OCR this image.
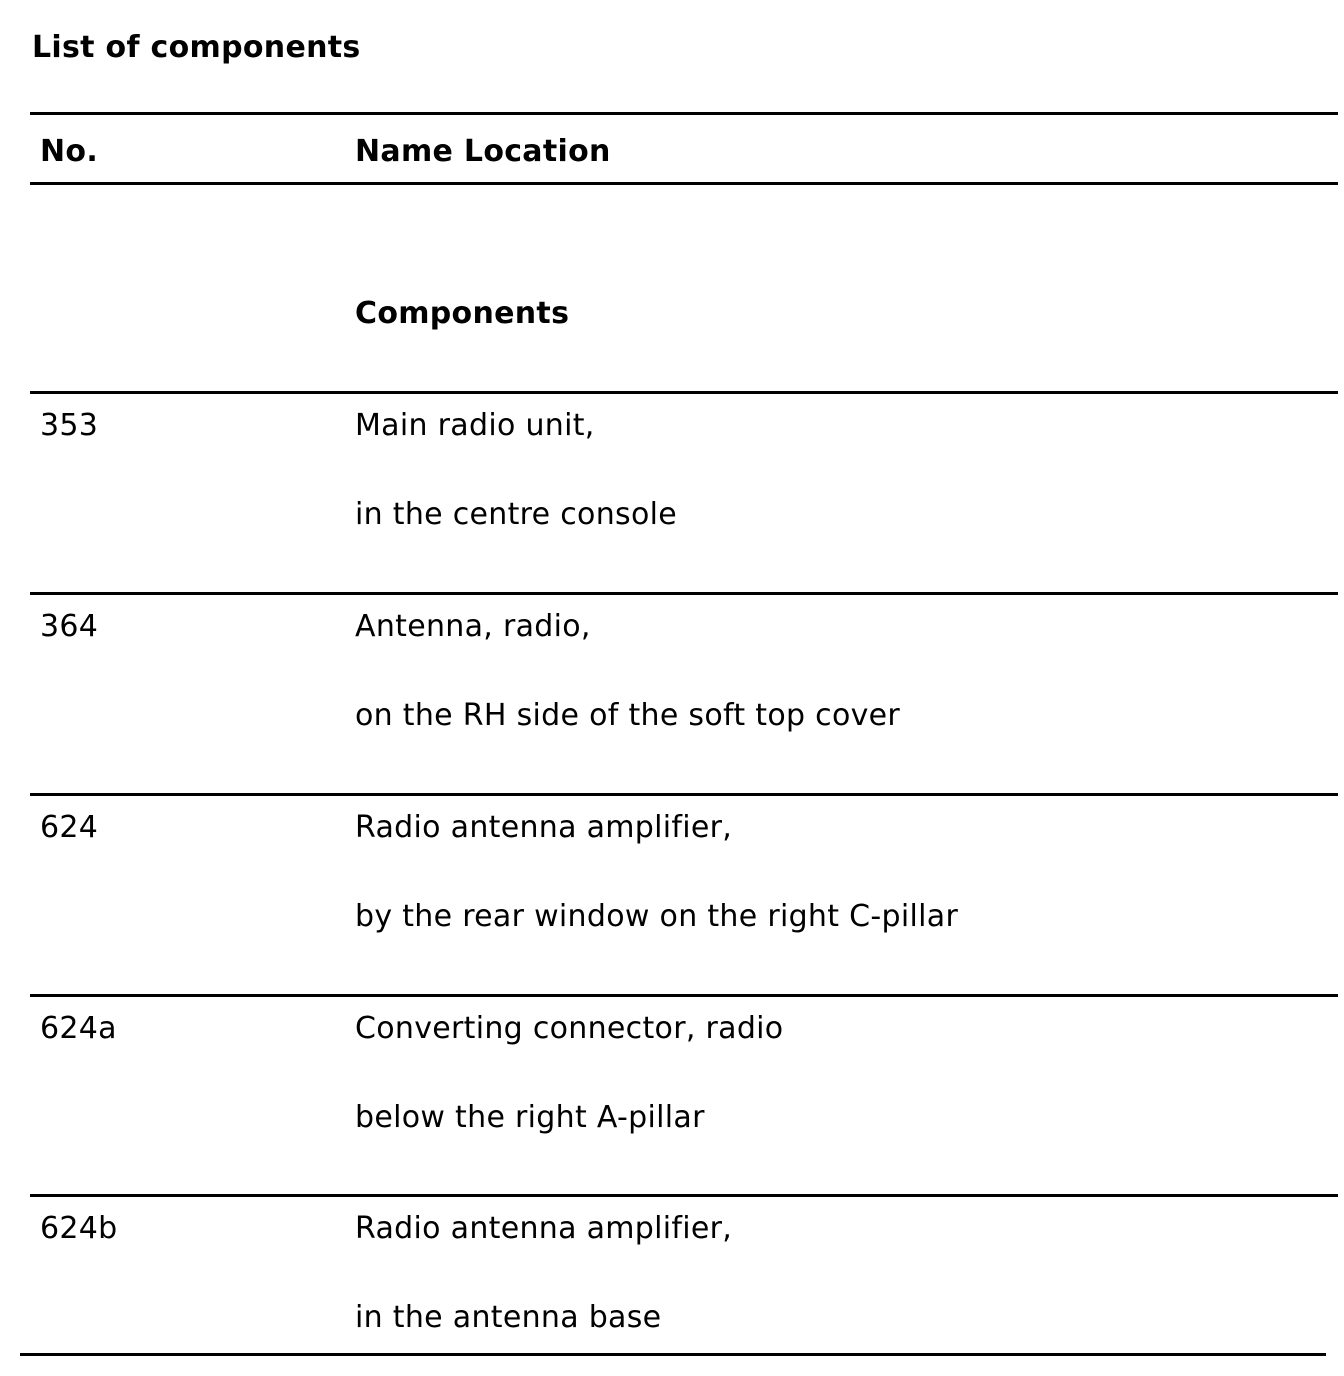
List of components
No.	Name Location
Components
353	Main radio unit,
in the centre console
364	Antenna, radio,
on the RH side of the soft top cover
624	Radio antenna amplifier,
by the rear window on the right C-pillar
624a	Converting connector, radio
below the right A-pillar
624b	Radio antenna amplifier,
in the antenna base
